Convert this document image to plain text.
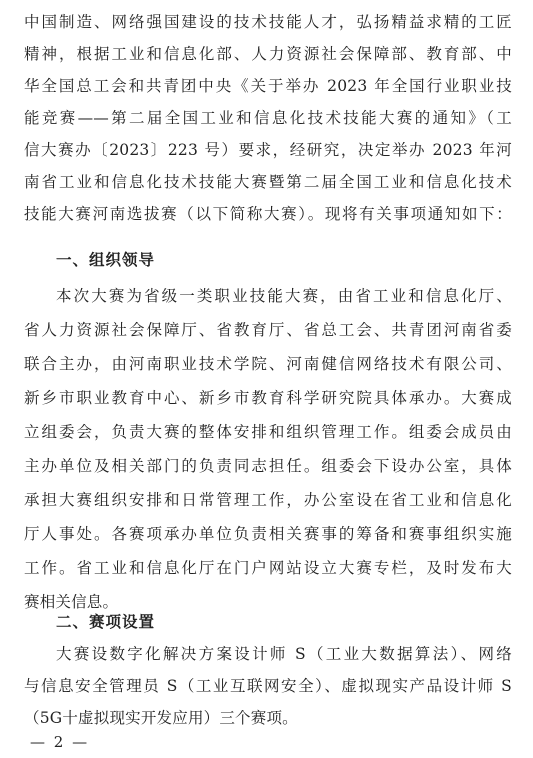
中国制造、网络强国建设的技术技能人才，弘扬精益求精的工匠
精神，根据工业和信息化部、人力资源社会保障部、教育部、中
华全国总工会和共青团中央《关于举办 2023 年全国行业职业技
能竞赛——第二届全国工业和信息化技术技能大赛的通知》（工
信大赛办〔2023〕223 号）要求，经研究，决定举办 2023 年河
南省工业和信息化技术技能大赛暨第二届全国工业和信息化技术
技能大赛河南选拔赛（以下简称大赛）。现将有关事项通知如下：
一、组织领导
本次大赛为省级一类职业技能大赛，由省工业和信息化厅、
省人力资源社会保障厅、省教育厅、省总工会、共青团河南省委
联合主办，由河南职业技术学院、河南健信网络技术有限公司、
新乡市职业教育中心、新乡市教育科学研究院具体承办。大赛成
立组委会，负责大赛的整体安排和组织管理工作。组委会成员由
主办单位及相关部门的负责同志担任。组委会下设办公室，具体
承担大赛组织安排和日常管理工作，办公室设在省工业和信息化
厅人事处。各赛项承办单位负责相关赛事的筹备和赛事组织实施
工作。省工业和信息化厅在门户网站设立大赛专栏，及时发布大
赛相关信息。
二、赛项设置
大赛设数字化解决方案设计师 S（工业大数据算法）、网络
与信息安全管理员 S（工业互联网安全）、虚拟现实产品设计师 S
（5G十虚拟现实开发应用）三个赛项。
— 2 —
